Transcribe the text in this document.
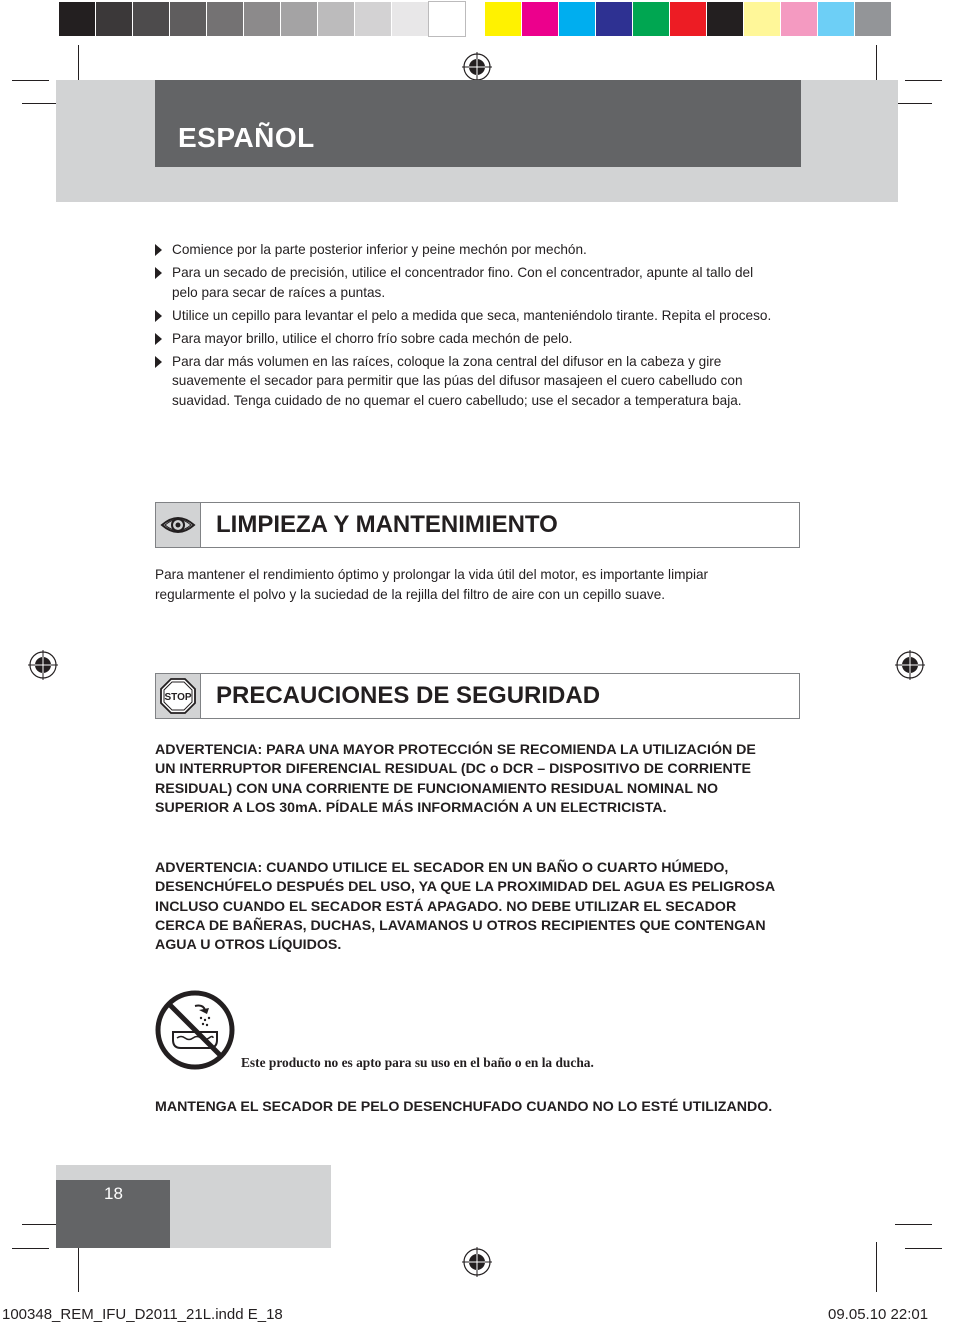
ESPAÑOL
Comience por la parte posterior inferior y peine mechón por mechón.
Para un secado de precisión, utilice el concentrador fino. Con el concentrador, apunte al tallo del pelo para secar de raíces a puntas.
Utilice un cepillo para levantar el pelo a medida que seca, manteniéndolo tirante. Repita el proceso.
Para mayor brillo, utilice el chorro frío sobre cada mechón de pelo.
Para dar más volumen en las raíces, coloque la zona central del difusor en la cabeza y gire suavemente el secador para permitir que las púas del difusor masajeen el cuero cabelludo con suavidad. Tenga cuidado de no quemar el cuero cabelludo; use el secador a temperatura baja.
LIMPIEZA Y MANTENIMIENTO
Para mantener el rendimiento óptimo y prolongar la vida útil del motor, es importante limpiar regularmente el polvo y la suciedad de la rejilla del filtro de aire con un cepillo suave.
STOP PRECAUCIONES DE SEGURIDAD
ADVERTENCIA: PARA UNA MAYOR PROTECCIÓN SE RECOMIENDA LA UTILIZACIÓN DE UN INTERRUPTOR DIFERENCIAL RESIDUAL (DC o DCR – DISPOSITIVO DE CORRIENTE RESIDUAL) CON UNA CORRIENTE DE FUNCIONAMIENTO RESIDUAL NOMINAL NO SUPERIOR A LOS 30mA. PÍDALE MÁS INFORMACIÓN A UN ELECTRICISTA.
ADVERTENCIA: CUANDO UTILICE EL SECADOR EN UN BAÑO O CUARTO HÚMEDO, DESENCHÚFELO DESPUÉS DEL USO, YA QUE LA PROXIMIDAD DEL AGUA ES PELIGROSA INCLUSO CUANDO EL SECADOR ESTÁ APAGADO. NO DEBE UTILIZAR EL SECADOR CERCA DE BAÑERAS, DUCHAS, LAVAMANOS U OTROS RECIPIENTES QUE CONTENGAN AGUA U OTROS LÍQUIDOS.
Este producto no es apto para su uso en el baño o en la ducha.
MANTENGA EL SECADOR DE PELO DESENCHUFADO CUANDO NO LO ESTÉ UTILIZANDO.
18
100348_REM_IFU_D2011_21L.indd E_18	09.05.10 22:01
